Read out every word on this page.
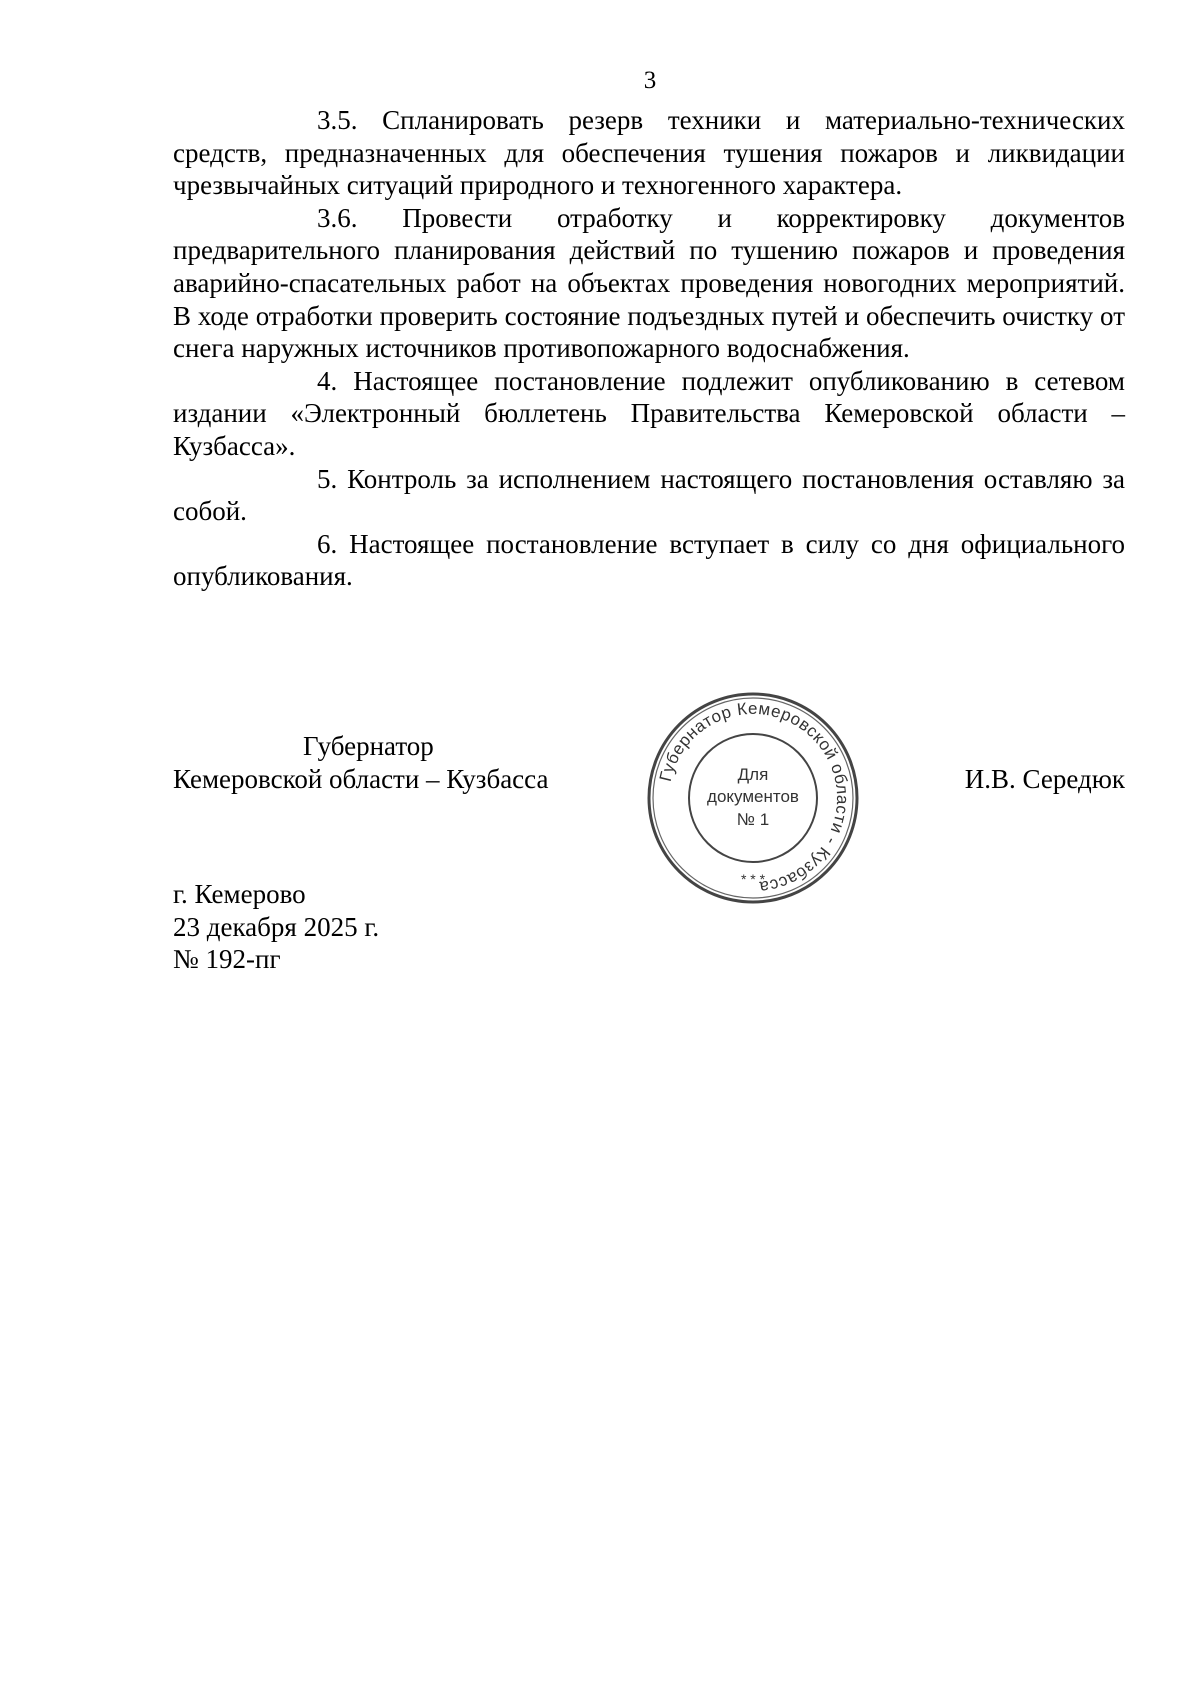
3

3.5. Спланировать резерв техники и материально-технических средств, предназначенных для обеспечения тушения пожаров и ликвидации чрезвычайных ситуаций природного и техногенного характера.

3.6. Провести отработку и корректировку документов предварительного планирования действий по тушению пожаров и проведения аварийно-спасательных работ на объектах проведения новогодних мероприятий. В ходе отработки проверить состояние подъездных путей и обеспечить очистку от снега наружных источников противопожарного водоснабжения.

4. Настоящее постановление подлежит опубликованию в сетевом издании «Электронный бюллетень Правительства Кемеровской области – Кузбасса».

5. Контроль за исполнением настоящего постановления оставляю за собой.

6. Настоящее постановление вступает в силу со дня официального опубликования.

Губернатор
Кемеровской области – Кузбасса	И.В. Середюк
Губернатор Кемеровской области - Кузбасса
Для
документов
№ 1
* * *
г. Кемерово
23 декабря 2025 г.
№ 192-пг
